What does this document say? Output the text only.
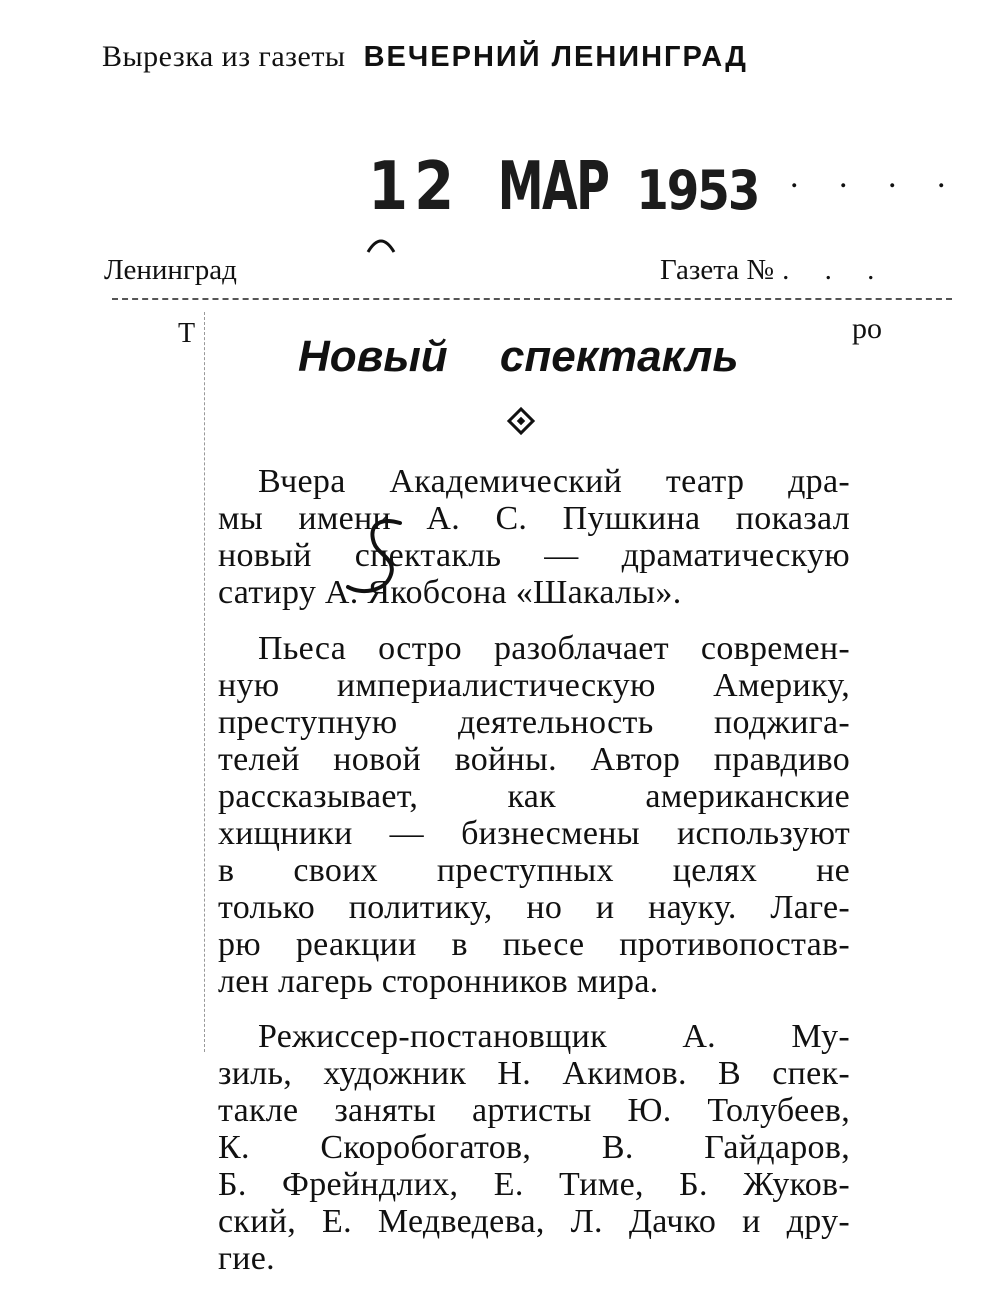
Вырезка из газеты ВЕЧЕРНИЙ ЛЕНИНГРАД
12 МАР 1953 . . . .
Ленинград	Газета № . . .
Т	ро
Новый спектакль
Вчера Академический театр дра-
мы имени А. С. Пушкина показал
новый спектакль — драматическую
сатиру А. Якобсона «Шакалы».
Пьеса остро разоблачает современ-
ную империалистическую Америку,
преступную деятельность поджига-
телей новой войны. Автор правдиво
рассказывает, как американские
хищники — бизнесмены используют
в своих преступных целях не
только политику, но и науку. Лаге-
рю реакции в пьесе противопостав-
лен лагерь сторонников мира.
Режиссер-постановщик А. Му-
зиль, художник Н. Акимов. В спек-
такле заняты артисты Ю. Толубеев,
К. Скоробогатов, В. Гайдаров,
Б. Фрейндлих, Е. Тиме, Б. Жуков-
ский, Е. Медведева, Л. Дачко и дру-
гие.
